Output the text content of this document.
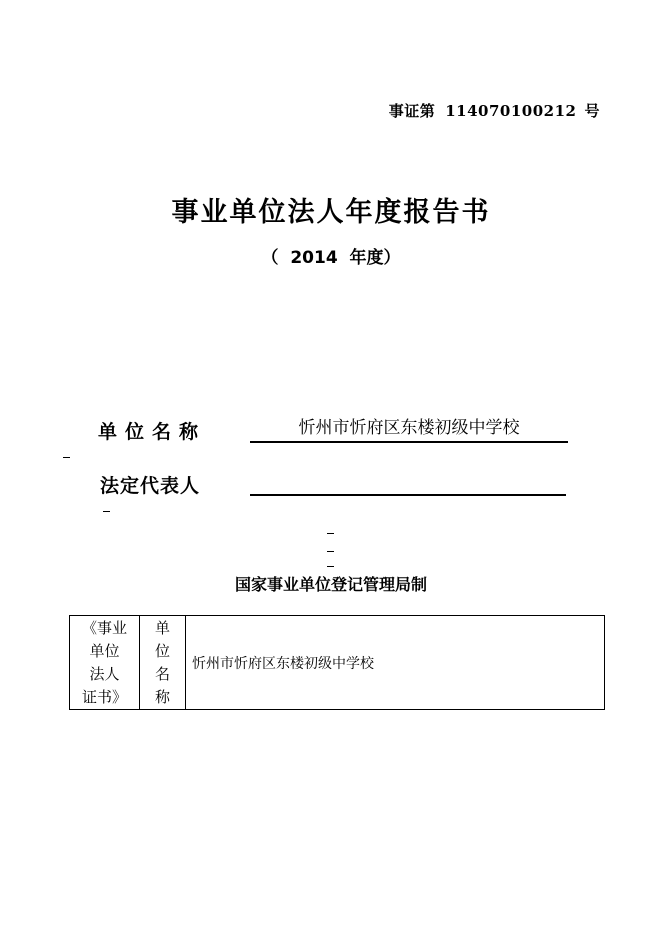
事证第 114070100212 号
事业单位法人年度报告书
（  2014  年度）
单位名称	忻州市忻府区东楼初级中学校
法定代表人
国家事业单位登记管理局制
《事业
单位
法人
证书》
单
位
名
称
忻州市忻府区东楼初级中学校
